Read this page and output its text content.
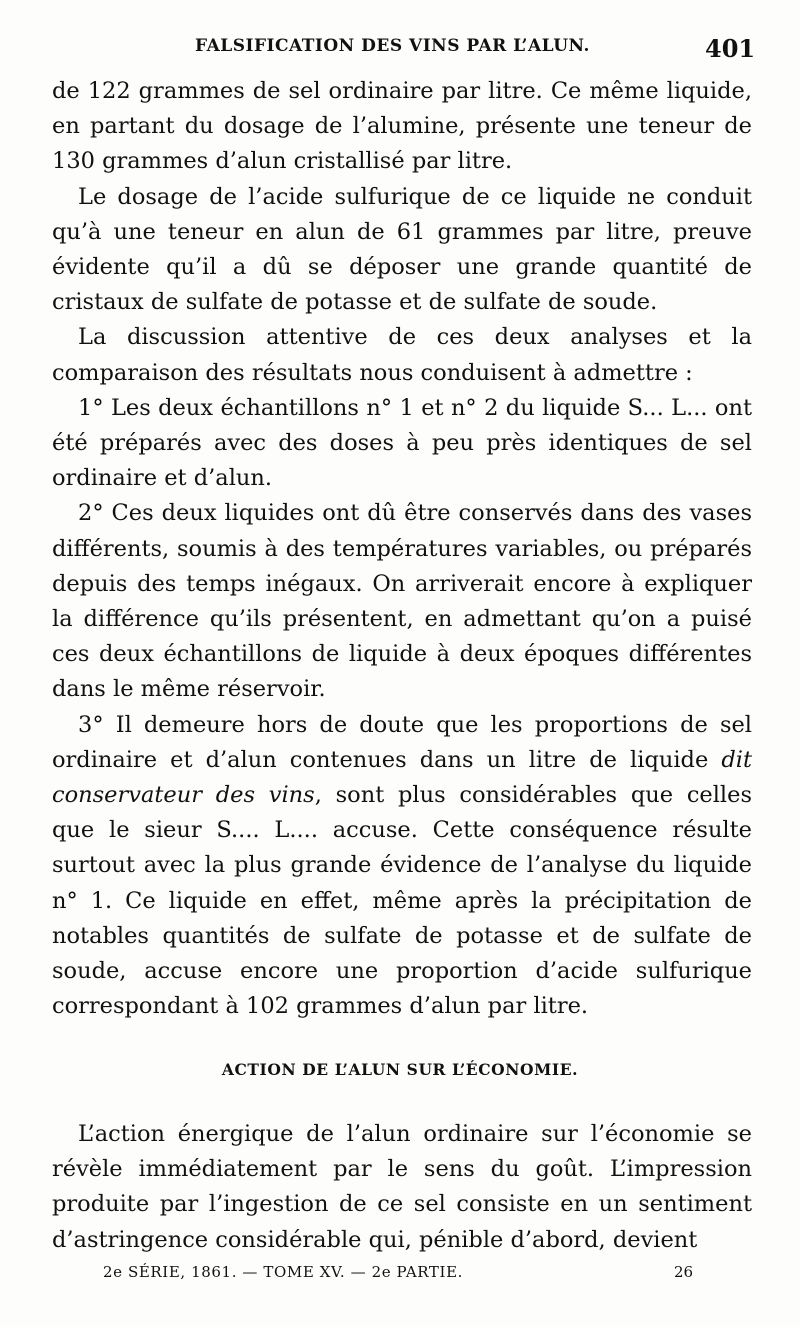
FALSIFICATION DES VINS PAR L’ALUN.	401

de 122 grammes de sel ordinaire par litre. Ce même liquide, en partant du dosage de l’alumine, présente une teneur de 130 grammes d’alun cristallisé par litre.

Le dosage de l’acide sulfurique de ce liquide ne conduit qu’à une teneur en alun de 61 grammes par litre, preuve évidente qu’il a dû se déposer une grande quantité de cristaux de sulfate de potasse et de sulfate de soude.

La discussion attentive de ces deux analyses et la comparaison des résultats nous conduisent à admettre :

1° Les deux échantillons n° 1 et n° 2 du liquide S... L... ont été préparés avec des doses à peu près identiques de sel ordinaire et d’alun.

2° Ces deux liquides ont dû être conservés dans des vases différents, soumis à des températures variables, ou préparés depuis des temps inégaux. On arriverait encore à expliquer la différence qu’ils présentent, en admettant qu’on a puisé ces deux échantillons de liquide à deux époques différentes dans le même réservoir.

3° Il demeure hors de doute que les proportions de sel ordinaire et d’alun contenues dans un litre de liquide dit conservateur des vins, sont plus considérables que celles que le sieur S.... L.... accuse. Cette conséquence résulte surtout avec la plus grande évidence de l’analyse du liquide n° 1. Ce liquide en effet, même après la précipitation de notables quantités de sulfate de potasse et de sulfate de soude, accuse encore une proportion d’acide sulfurique correspondant à 102 grammes d’alun par litre.

ACTION DE L’ALUN SUR L’ÉCONOMIE.

L’action énergique de l’alun ordinaire sur l’économie se révèle immédiatement par le sens du goût. L’impression produite par l’ingestion de ce sel consiste en un sentiment d’astringence considérable qui, pénible d’abord, devient

2e SÉRIE, 1861. — TOME XV. — 2e PARTIE.	26
